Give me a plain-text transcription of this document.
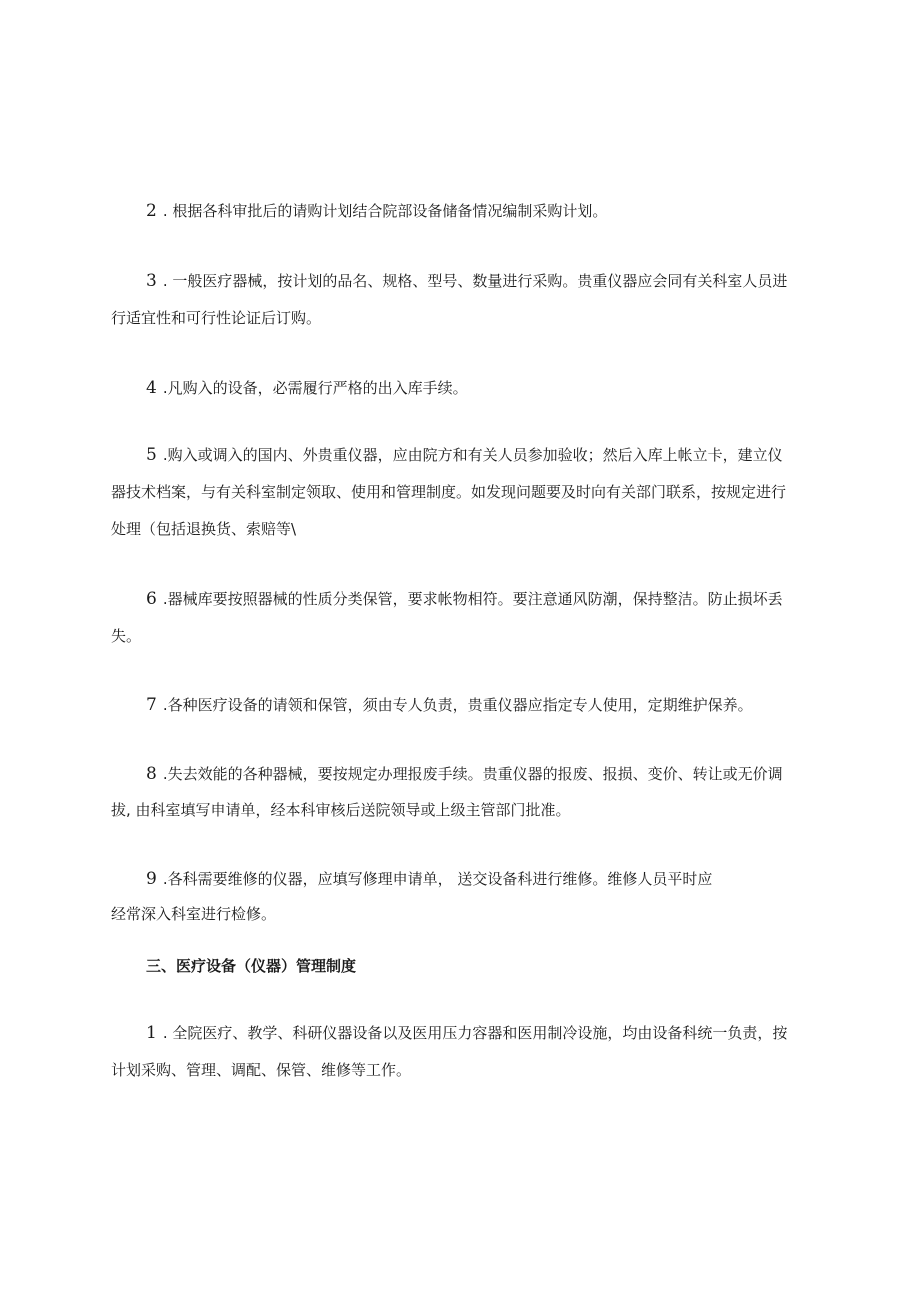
2 . 根据各科审批后的请购计划结合院部设备储备情况编制采购计划。

3 . 一般医疗器械，按计划的品名、规格、型号、数量进行采购。贵重仪器应会同有关科室人员进

行适宜性和可行性论证后订购。

4 .凡购入的设备，必需履行严格的出入库手续。

5 .购入或调入的国内、外贵重仪器，应由院方和有关人员参加验收；然后入库上帐立卡，建立仪

器技术档案，与有关科室制定领取、使用和管理制度。如发现问题要及时向有关部门联系，按规定进行

处理（包括退换货、索赔等\

6 .器械库要按照器械的性质分类保管，要求帐物相符。要注意通风防潮，保持整洁。防止损坏丢

失。

7 .各种医疗设备的请领和保管，须由专人负责，贵重仪器应指定专人使用，定期维护保养。

8 .失去效能的各种器械，要按规定办理报废手续。贵重仪器的报废、报损、变价、转让或无价调

拔, 由科室填写申请单，经本科审核后送院领导或上级主管部门批准。

9 .各科需要维修的仪器，应填写修理申请单， 送交设备科进行维修。维修人员平时应

经常深入科室进行检修。

三、医疗设备（仪器）管理制度

1 . 全院医疗、教学、科研仪器设备以及医用压力容器和医用制冷设施，均由设备科统一负责，按

计划采购、管理、调配、保管、维修等工作。
